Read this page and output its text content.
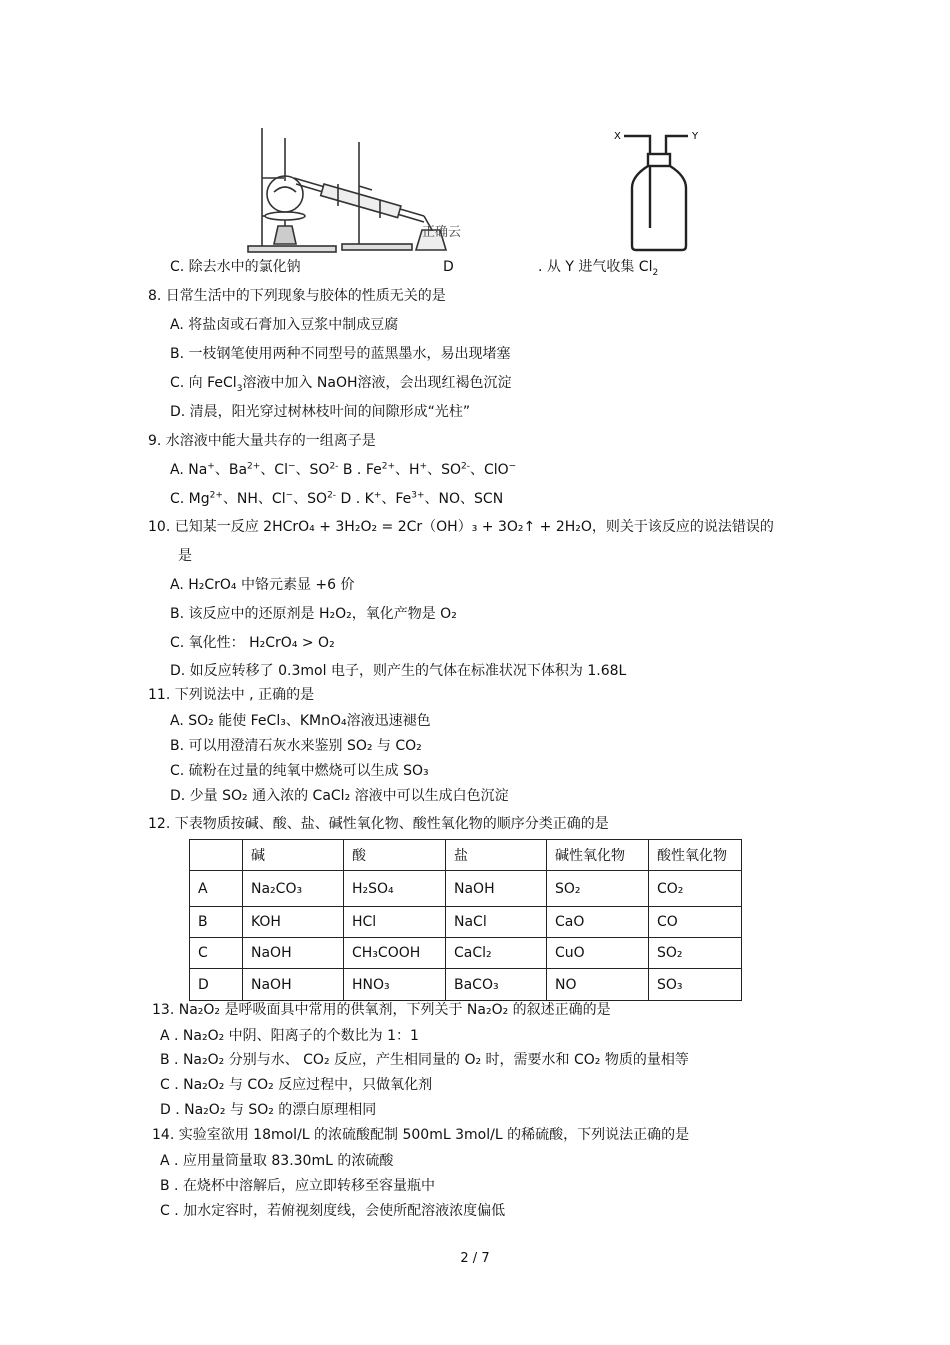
正确云
X	Y
C. 除去水中的氯化钠	D	. 从 Y 进气收集 $Cl_2$
8. 日常生活中的下列现象与胶体的性质无关的是
A. 将盐卤或石膏加入豆浆中制成豆腐
B. 一枝钢笔使用两种不同型号的蓝黑墨水，易出现堵塞
C. 向 FeCl$_3$溶液中加入 NaOH溶液，会出现红褐色沉淀
D. 清晨，阳光穿过树林枝叶间的间隙形成“光柱”
9. 水溶液中能大量共存的一组离子是
A. Na+、$Ba^{2+}$、Cl−、$SO^{2-}$ B . $Fe^{2+}$、H+、$SO^{2-}$、ClO−
C. $Mg^{2+}$、NH、Cl−、$SO^{2-}$ D . K+、$Fe^{3+}$、NO、SCN
10. 已知某一反应 2HCrO₄ + 3H₂O₂ = 2Cr（OH）₃ + 3O₂↑ + 2H₂O，则关于该反应的说法错误的
是
A. H₂CrO₄ 中铬元素显 +6 价
B. 该反应中的还原剂是 H₂O₂，氧化产物是 O₂
C. 氧化性： H₂CrO₄ > O₂
D. 如反应转移了 0.3mol 电子，则产生的气体在标准状况下体积为 1.68L
11. 下列说法中 , 正确的是
A. SO₂ 能使 FeCl₃、KMnO₄溶液迅速褪色
B. 可以用澄清石灰水来鉴别 SO₂ 与 CO₂
C. 硫粉在过量的纯氧中燃烧可以生成 SO₃
D. 少量 SO₂ 通入浓的 CaCl₂ 溶液中可以生成白色沉淀
12. 下表物质按碱、酸、盐、碱性氧化物、酸性氧化物的顺序分类正确的是
	碱	酸	盐	碱性氧化物	酸性氧化物
A	Na₂CO₃	H₂SO₄	NaOH	SO₂	CO₂
B	KOH	HCl	NaCl	CaO	CO
C	NaOH	CH₃COOH	CaCl₂	CuO	SO₂
D	NaOH	HNO₃	BaCO₃	NO	SO₃
13. Na₂O₂ 是呼吸面具中常用的供氧剂，下列关于 Na₂O₂ 的叙述正确的是
A . Na₂O₂ 中阴、阳离子的个数比为 1：1
B . Na₂O₂ 分别与水、 CO₂ 反应，产生相同量的 O₂ 时，需要水和 CO₂ 物质的量相等
C . Na₂O₂ 与 CO₂ 反应过程中，只做氧化剂
D . Na₂O₂ 与 SO₂ 的漂白原理相同
14. 实验室欲用 18mol/L 的浓硫酸配制 500mL 3mol/L 的稀硫酸，下列说法正确的是
A . 应用量筒量取 83.30mL 的浓硫酸
B . 在烧杯中溶解后，应立即转移至容量瓶中
C . 加水定容时，若俯视刻度线，会使所配溶液浓度偏低
2 / 7
